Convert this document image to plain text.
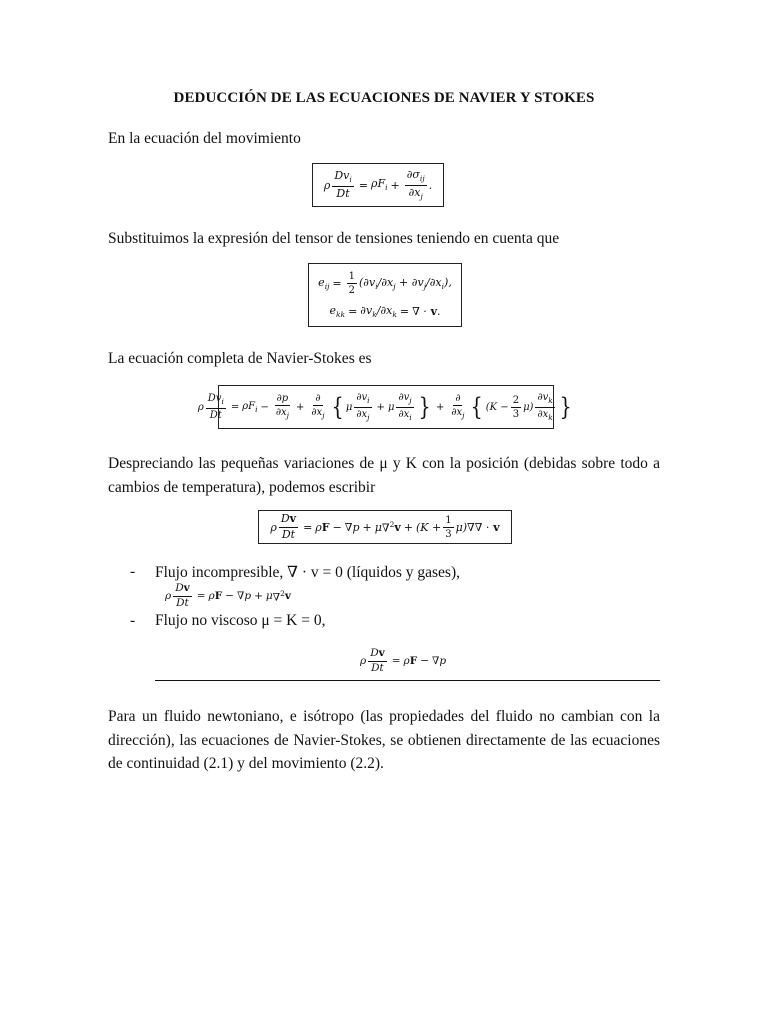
DEDUCCIÓN DE LAS ECUACIONES DE NAVIER Y STOKES
En la ecuación del movimiento
ρ $\frac{Dv_i}{Dt} = \rho F_i + \frac{\partial\sigma_{ij}}{\partial x_j}$ .
Substituimos la expresión del tensor de tensiones teniendo en cuenta que
$e_{ij} = \frac{1}{2} (\partial v_i/\partial x_j + \partial v_j/\partial x_i)$,
$e_{kk} = \partial v_k/\partial x_k$ = ∇ · v .
La ecuación completa de Navier-Stokes es
ρ $\frac{Dv_i}{Dt} = \rho F_i - \frac{\partial p}{\partial x_j} + \frac{\partial}{\partial x_j}$ { μ $\frac{\partial v_i}{\partial x_j} + \mu \frac{\partial v_j}{\partial x_i}$ } + $\frac{\partial}{\partial x_j}$ { $(K - \frac{2}{3} \mu) \frac{\partial v_k}{\partial x_k}$ }
Despreciando las pequeñas variaciones de μ y K con la posición (debidas sobre todo a cambios de temperatura), podemos escribir
ρ $\frac{Dv}{Dt} = \rho$ F − ∇ p + μ ∇$^2$ $v + (K + \frac{1}{3} \mu)$ ∇∇ · v
- Flujo incompresible, ∇ · v = 0 (líquidos y gases),
ρ $\frac{Dv}{Dt} = \rho$ F − ∇ p + μ ∇$^2$ v
- Flujo no viscoso μ = K = 0,
ρ $\frac{Dv}{Dt} = \rho$ F − ∇ p
Para un fluido newtoniano, e isótropo (las propiedades del fluido no cambian con la dirección), las ecuaciones de Navier-Stokes, se obtienen directamente de las ecuaciones de continuidad (2.1) y del movimiento (2.2).
